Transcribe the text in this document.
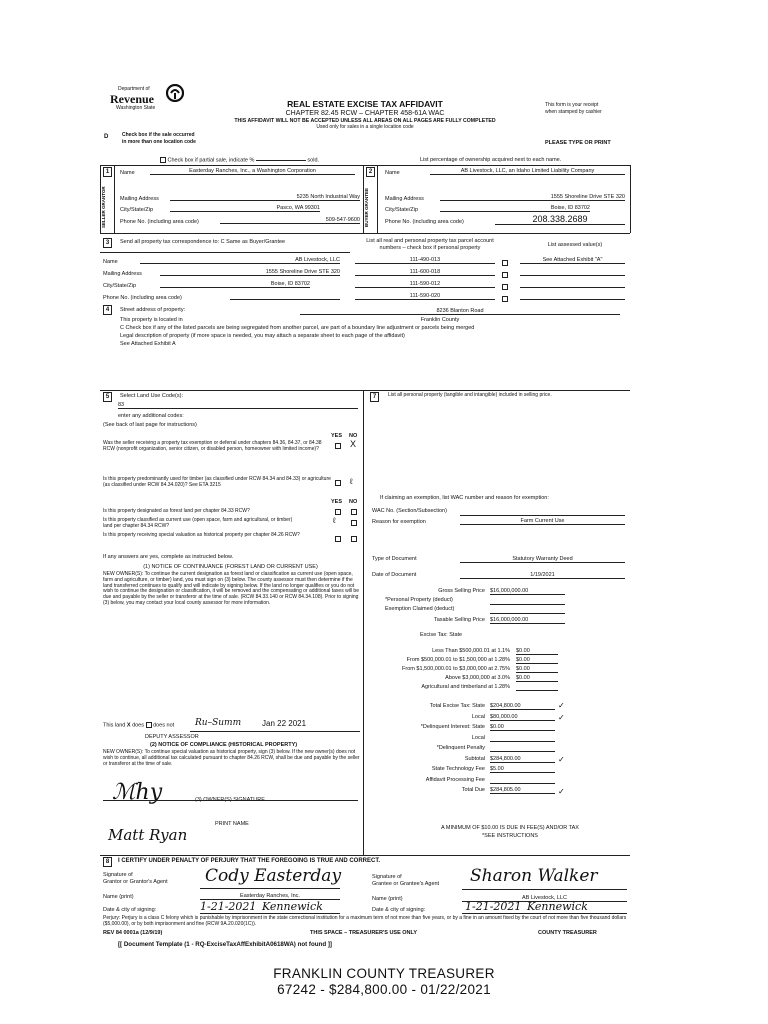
Department of
Revenue
Washington State	REAL ESTATE EXCISE TAX AFFIDAVIT
CHAPTER 82.45 RCW – CHAPTER 458-61A WAC
THIS AFFIDAVIT WILL NOT BE ACCEPTED UNLESS ALL AREAS ON ALL PAGES ARE FULLY COMPLETED
Used only for sales in a single location code
This form is your receipt
when stamped by cashier
D	Check box if the sale occurred
in more than one location code	PLEASE TYPE OR PRINT
Check box if partial sale, indicate %	sold.	List percentage of ownership acquired next to each name.
1
SELLER GRANTOR
Name	Easterday Ranches, Inc., a Washington Corporation
Mailing Address	5235 North Industrial Way
City/State/Zip	Pasco, WA 99301
Phone No. (including area code)	509-547-9600
2
BUYER GRANTEE
Name	AB Livestock, LLC, an Idaho Limited Liability Company
Mailing Address	1555 Shoreline Drive STE 320
City/State/Zip	Boise, ID 83702
Phone No. (including area code)	208.338.2689
3	Send all property tax correspondence to: C Same as Buyer/Grantee	List all real and personal property tax parcel account
numbers – check box if personal property	List assessed value(s)
Name	AB Livestock, LLC
Mailing Address	1555 Shoreline Drive STE 320
City/State/Zip	Boise, ID 83702
Phone No. (including area code)
111-490-013
111-600-018
111-590-012
111-590-020
See Attached Exhibit "A"
4	Street address of property:	8236 Blanton Road
This property is located in	Franklin County
C Check box if any of the listed parcels are being segregated from another parcel, are part of a boundary line adjustment or parcels being merged
Legal description of property (if more space is needed, you may attach a separate sheet to each page of the affidavit)
See Attached Exhibit A
5	Select Land Use Code(s):
83
enter any additional codes:
(See back of last page for instructions)
YES NO
Was the seller receiving a property tax exemption or deferral under chapters 84.36, 84.37, or 84.38 RCW (nonprofit organization, senior citizen, or disabled person, homeowner with limited income)?	X
Is this property predominantly used for timber (as classified under RCW 84.34 and 84.33) or agriculture (as classified under RCW 84.34.020)? See ETA 3215	ℓ
YES NO
Is this property designated as forest land per chapter 84.33 RCW?
Is this property classified as current use (open space, farm and agricultural, or timber) land per chapter 84.34 RCW?
ℓ
Is this property receiving special valuation as historical property per chapter 84.26 RCW?
If any answers are yes, complete as instructed below.
(1) NOTICE OF CONTINUANCE (FOREST LAND OR CURRENT USE)
NEW OWNER(S): To continue the current designation as forest land or classification as current use (open space, farm and agriculture, or timber) land, you must sign on (3) below. The county assessor must then determine if the land transferred continues to qualify and will indicate by signing below. If the land no longer qualifies or you do not wish to continue the designation or classification, it will be removed and the compensating or additional taxes will be due and payable by the seller or transferor at the time of sale. (RCW 84.33.140 or RCW 84.34.108). Prior to signing (3) below, you may contact your local county assessor for more information.
This land X does does not Ru–Summ	Jan 22 2021
DEPUTY ASSESSOR
(2) NOTICE OF COMPLIANCE (HISTORICAL PROPERTY)
NEW OWNER(S): To continue special valuation as historical property, sign (3) below. If the new owner(s) does not wish to continue, all additional tax calculated pursuant to chapter 84.26 RCW, shall be due and payable by the seller or transferor at the time of sale.
ℳhy	(3) OWNER(S) SIGNATURE
Matt Ryan
PRINT NAME
7	List all personal property (tangible and intangible) included in selling price.
If claiming an exemption, list WAC number and reason for exemption:
WAC No. (Section/Subsection)
Reason for exemption	Farm Current Use
Type of Document	Statutory Warranty Deed
Date of Document	1/19/2021
Gross Selling Price $16,000,000.00
*Personal Property (deduct)
Exemption Claimed (deduct)
Taxable Selling Price $16,000,000.00
Excise Tax: State
Less Than $500,000.01 at 1.1% $0.00
From $500,000.01 to $1,500,000 at 1.28% $0.00
From $1,500,000.01 to $3,000,000 at 2.75% $0.00
Above $3,000,000 at 3.0% $0.00
Agricultural and timberland at 1.28%
Total Excise Tax: State $204,800.00
Local $80,000.00
*Delinquent Interest: State $0.00
Local
*Delinquent Penalty
Subtotal $284,800.00
State Technology Fee $5.00
Affidavit Processing Fee
Total Due $284,805.00
✓
✓
✓
✓
A MINIMUM OF $10.00 IS DUE IN FEE(S) AND/OR TAX
*SEE INSTRUCTIONS
8	I CERTIFY UNDER PENALTY OF PERJURY THAT THE FOREGOING IS TRUE AND CORRECT.
Signature of
Grantor or Grantor's Agent Cody Easterday
Name (print)	Easterday Ranches, Inc.
Date & city of signing:	1-21-2021 Kennewick
Signature of
Grantee or Grantee's Agent Sharon Walker
Name (print)	AB Livestock, LLC
Date & city of signing:	1-21-2021 Kennewick
Perjury: Perjury is a class C felony which is punishable by imprisonment in the state correctional institution for a maximum term of not more than five years, or by a fine in an amount fixed by the court of not more than five thousand dollars ($5,000.00), or by both imprisonment and fine (RCW 9A.20.020(1C)).
REV 84 0001a (12/9/19)	THIS SPACE – TREASURER'S USE ONLY	COUNTY TREASURER
[[ Document Template (1 - RQ-ExciseTaxAffExhibitA0618WA) not found ]]
FRANKLIN COUNTY TREASURER
67242 - $284,800.00 - 01/22/2021
